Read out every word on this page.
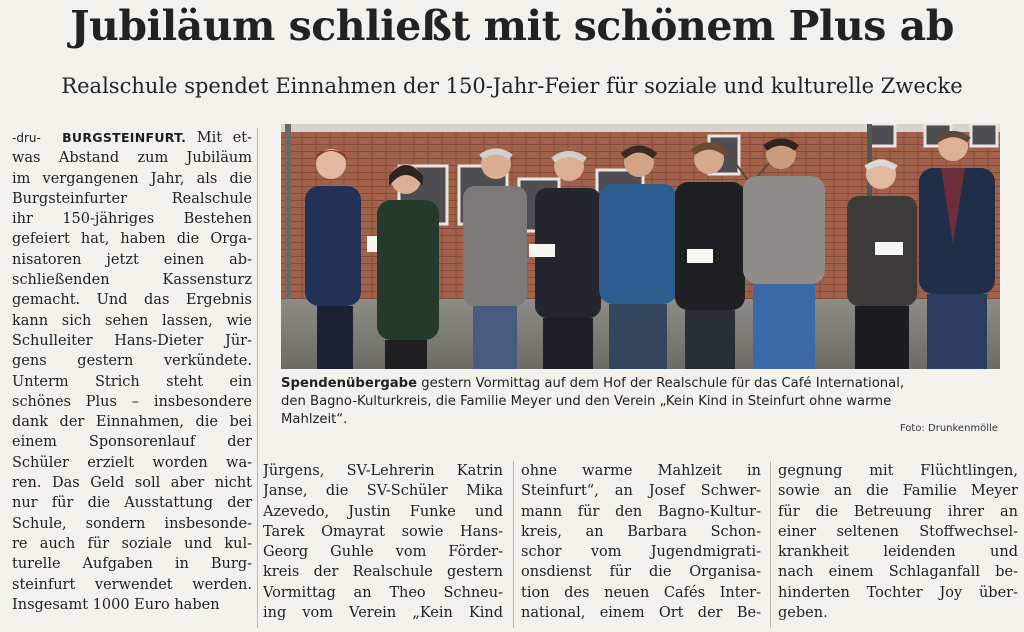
Jubiläum schließt mit schönem Plus ab
Realschule spendet Einnahmen der 150-Jahr-Feier für soziale und kulturelle Zwecke
-dru- BURGSTEINFURT. Mit et-
was Abstand zum Jubiläum
im vergangenen Jahr, als die
Burgsteinfurter Realschule
ihr 150-jähriges Bestehen
gefeiert hat, haben die Orga-
nisatoren jetzt einen ab-
schließenden Kassensturz
gemacht. Und das Ergebnis
kann sich sehen lassen, wie
Schulleiter Hans-Dieter Jür-
gens gestern verkündete.
Unterm Strich steht ein
schönes Plus – insbesondere
dank der Einnahmen, die bei
einem Sponsorenlauf der
Schüler erzielt worden wa-
ren. Das Geld soll aber nicht
nur für die Ausstattung der
Schule, sondern insbesonde-
re auch für soziale und kul-
turelle Aufgaben in Burg-
steinfurt verwendet werden.
Insgesamt 1000 Euro haben
Spendenübergabe gestern Vormittag auf dem Hof der Realschule für das Café International,
den Bagno-Kulturkreis, die Familie Meyer und den Verein „Kein Kind in Steinfurt ohne warme
Mahlzeit“.
Foto: Drunkenmölle
Jürgens, SV-Lehrerin Katrin
Janse, die SV-Schüler Mika
Azevedo, Justin Funke und
Tarek Omayrat sowie Hans-
Georg Guhle vom Förder-
kreis der Realschule gestern
Vormittag an Theo Schneu-
ing vom Verein „Kein Kind
ohne warme Mahlzeit in
Steinfurt“, an Josef Schwer-
mann für den Bagno-Kultur-
kreis, an Barbara Schon-
schor vom Jugendmigrati-
onsdienst für die Organisa-
tion des neuen Cafés Inter-
national, einem Ort der Be-
gegnung mit Flüchtlingen,
sowie an die Familie Meyer
für die Betreuung ihrer an
einer seltenen Stoffwechsel-
krankheit leidenden und
nach einem Schlaganfall be-
hinderten Tochter Joy über-
geben.
